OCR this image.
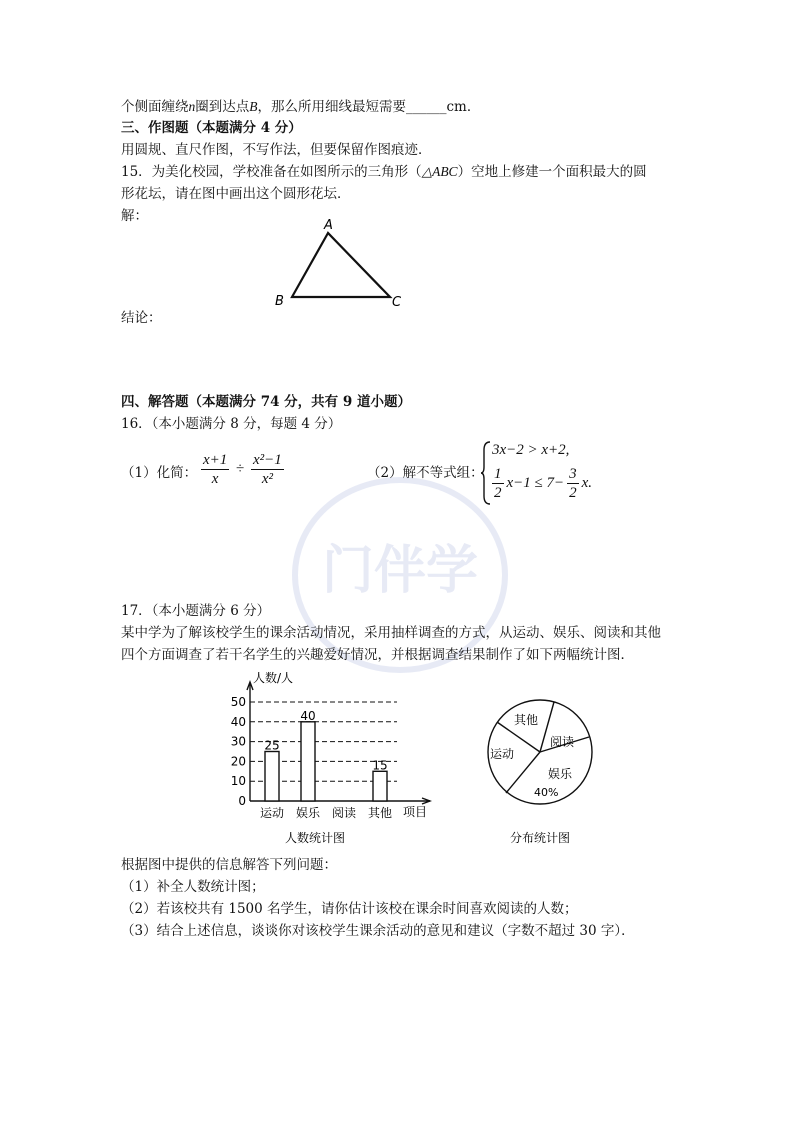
门伴学
个侧面缠绕n圈到达点B，那么所用细线最短需要______cm．
三、作图题（本题满分 4 分）
用圆规、直尺作图，不写作法，但要保留作图痕迹．
15．为美化校园，学校准备在如图所示的三角形（△ABC）空地上修建一个面积最大的圆
形花坛，请在图中画出这个圆形花坛．
解：
A
B	C
结论：
四、解答题（本题满分 74 分，共有 9 道小题）
16．（本小题满分 8 分，每题 4 分）
（1）化简： $\frac{x+1}{x} \div \frac{\text{x²−1}}{\text{x²}}$	（2）解不等式组：
3x−2 > x+2,
$\frac{1}{2} x-1 \le 7- \frac{3}{2} x$.
17．（本小题满分 6 分）
某中学为了解该校学生的课余活动情况，采用抽样调查的方式，从运动、娱乐、阅读和其他
四个方面调查了若干名学生的兴趣爱好情况，并根据调查结果制作了如下两幅统计图．
人数/人
项目
人数统计图
0
10
20
30
40
50
运动 娱乐 阅读 其他
25
40
15
其他
阅读
娱乐
40%
运动
分布统计图
根据图中提供的信息解答下列问题：
（1）补全人数统计图；
（2）若该校共有 1500 名学生，请你估计该校在课余时间喜欢阅读的人数；
（3）结合上述信息，谈谈你对该校学生课余活动的意见和建议（字数不超过 30 字）．
